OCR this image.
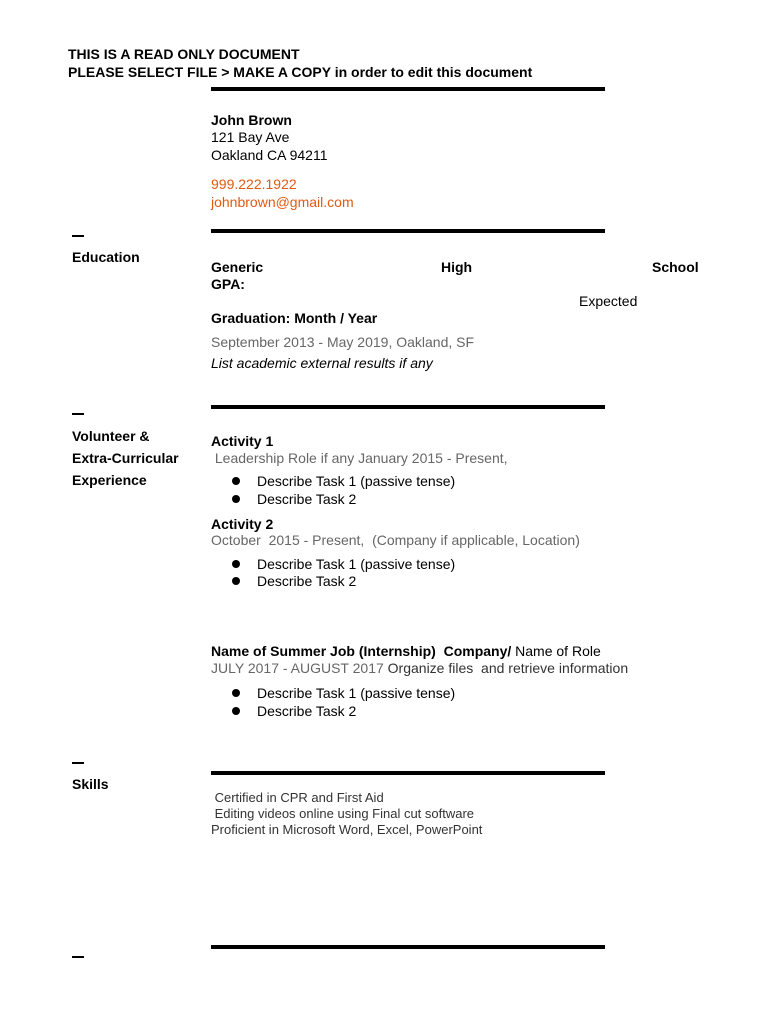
THIS IS A READ ONLY DOCUMENT
PLEASE SELECT FILE > MAKE A COPY in order to edit this document
John Brown
121 Bay Ave
Oakland CA 94211
999.222.1922
johnbrown@gmail.com
Education
Generic	High	School
GPA:
Expected
Graduation: Month / Year
September 2013 - May 2019, Oakland, SF
List academic external results if any
Volunteer &
Extra-Curricular
Experience
Activity 1
Leadership Role if any January 2015 - Present,
Describe Task 1 (passive tense)
Describe Task 2
Activity 2
October  2015 - Present,  (Company if applicable, Location)
Describe Task 1 (passive tense)
Describe Task 2
Name of Summer Job (Internship)  Company/ Name of Role
JULY 2017 - AUGUST 2017 Organize files  and retrieve information
Describe Task 1 (passive tense)
Describe Task 2
Skills
Certified in CPR and First Aid
Editing videos online using Final cut software
Proficient in Microsoft Word, Excel, PowerPoint
